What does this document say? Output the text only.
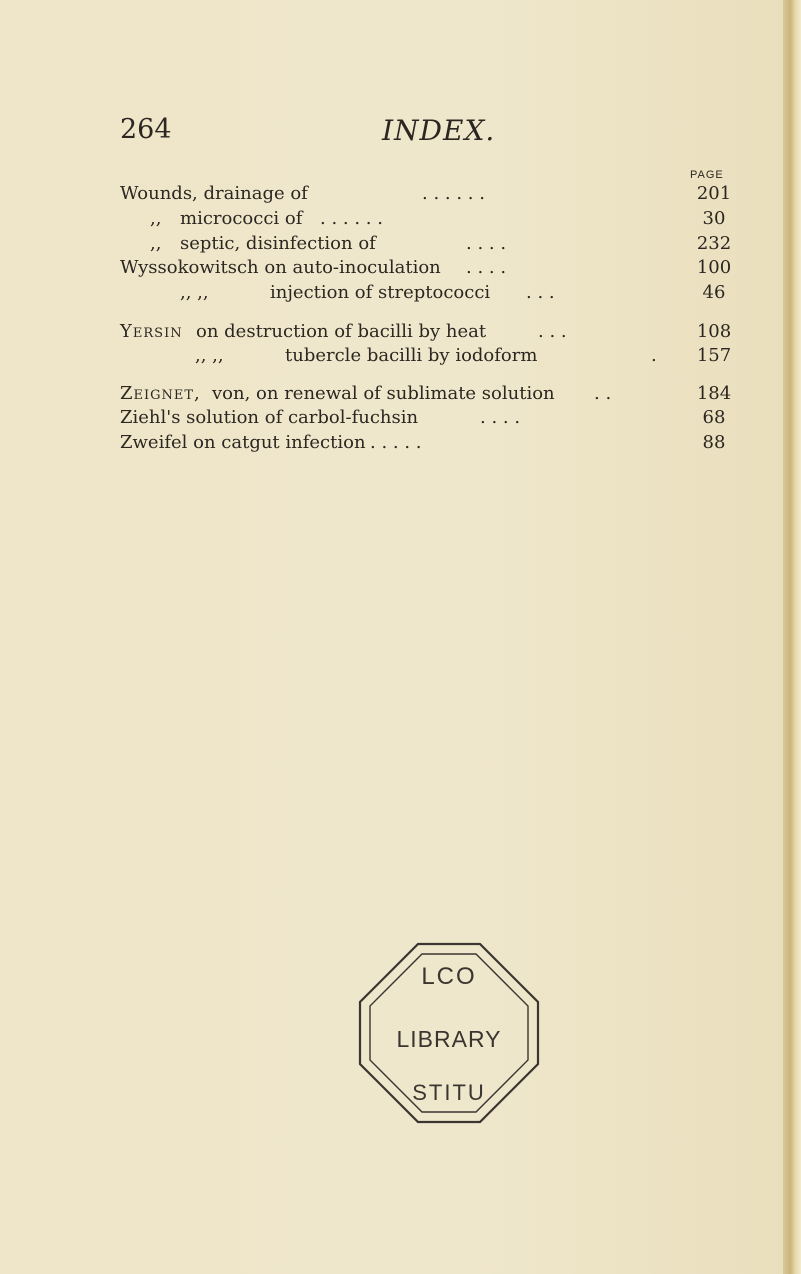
264	INDEX.
PAGE
Wounds, drainage of	. . . . . .	201
,, micrococci of . . . . . .	30
,, septic, disinfection of	. . . .	232
Wyssokowitsch on auto-inoculation . . . .	100
,, ,,	injection of streptococci . . .	46
Yersin on destruction of bacilli by heat	. . .	108
,, ,,	tubercle bacilli by iodoform	.	157
Zeignet, von, on renewal of sublimate solution . .	184
Ziehl's solution of carbol-fuchsin	. . . .	68
Zweifel on catgut infection . . . . .	88
LCO
LIBRARY
STITU
